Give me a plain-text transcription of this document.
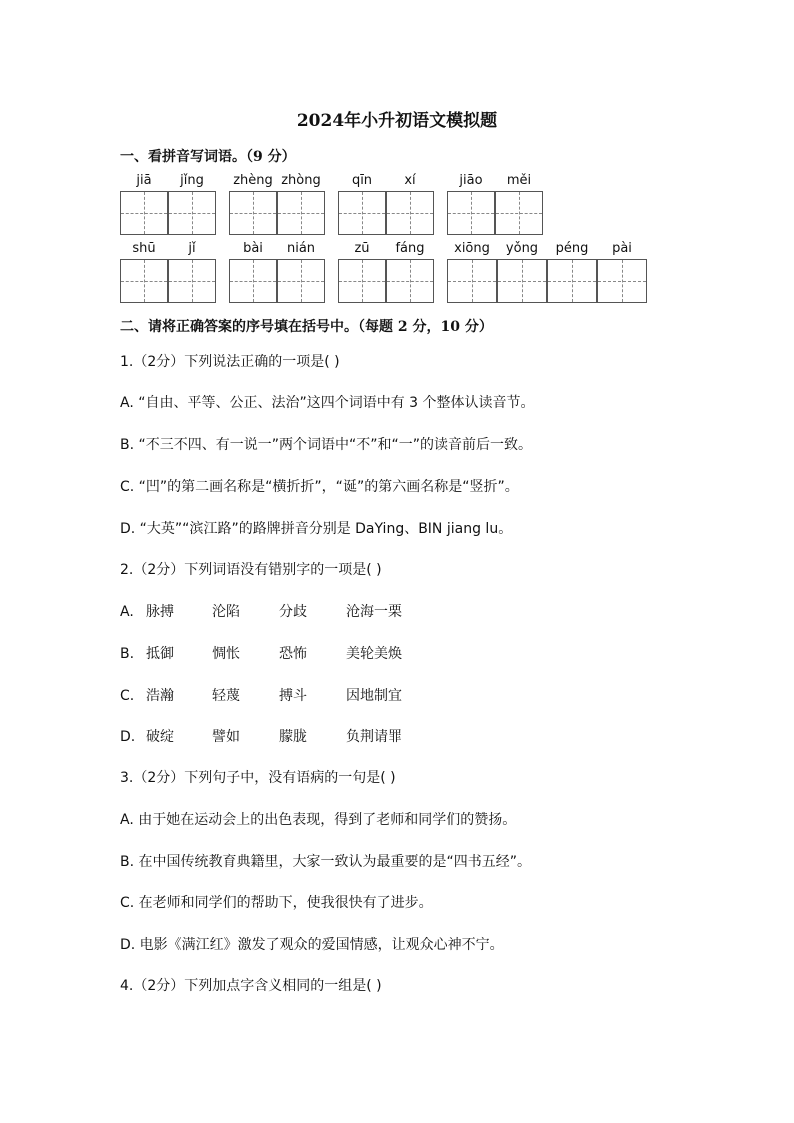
2024年小升初语文模拟题
一、看拼音写词语。（9 分）
jiā	jǐng	zhèng zhòng	qīn	xí	jiāo	měi
shū	jǐ	bài	nián	zū	fáng	xiōng	yǒng	péng	pài
二、请将正确答案的序号填在括号中。（每题 2 分，10 分）
1.（2分）下列说法正确的一项是( )
A. “自由、平等、公正、法治”这四个词语中有 3 个整体认读音节。
B. “不三不四、有一说一”两个词语中“不”和“一”的读音前后一致。
C. “凹”的第二画名称是“横折折”，“诞”的第六画名称是“竖折”。
D. “大英”“滨江路”的路牌拼音分别是 DaYing、BIN jiang lu。
2.（2分）下列词语没有错别字的一项是( )
A. 脉搏	沦陷	分歧	沧海一栗
B. 抵御	惆怅	恐怖	美轮美焕
C. 浩瀚	轻蔑	搏斗	因地制宜
D. 破绽	譬如	朦胧	负荆请罪
3.（2分）下列句子中，没有语病的一句是( )
A. 由于她在运动会上的出色表现，得到了老师和同学们的赞扬。
B. 在中国传统教育典籍里，大家一致认为最重要的是“四书五经”。
C. 在老师和同学们的帮助下，使我很快有了进步。
D. 电影《满江红》激发了观众的爱国情感，让观众心神不宁。
4.（2分）下列加点字含义相同的一组是( )
